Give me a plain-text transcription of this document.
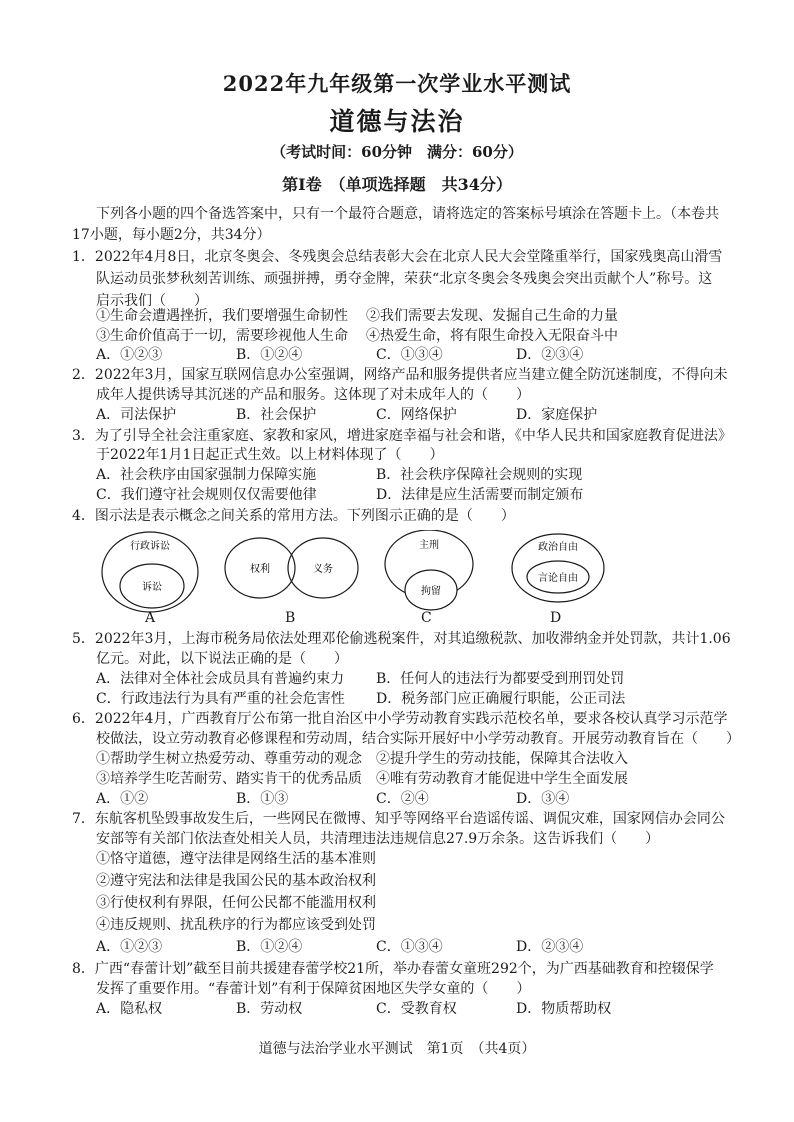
2022年九年级第一次学业水平测试
道德与法治
（考试时间：60分钟　满分：60分）
第Ⅰ卷　（单项选择题　共34分）
下列各小题的四个备选答案中，只有一个最符合题意，请将选定的答案标号填涂在答题卡上。（本卷共
17小题，每小题2分，共34分）
1．2022年4月8日，北京冬奥会、冬残奥会总结表彰大会在北京人民大会堂隆重举行，国家残奥高山滑雪
队运动员张梦秋刻苦训练、顽强拼搏，勇夺金牌，荣获“北京冬奥会冬残奥会突出贡献个人”称号。这
启示我们（　　）
①生命会遭遇挫折，我们要增强生命韧性 ②我们需要去发现、发掘自己生命的力量
③生命价值高于一切，需要珍视他人生命 ④热爱生命，将有限生命投入无限奋斗中
A．①②③	B．①②④	C．①③④	D．②③④
2．2022年3月，国家互联网信息办公室强调，网络产品和服务提供者应当建立健全防沉迷制度，不得向未
成年人提供诱导其沉迷的产品和服务。这体现了对未成年人的（　　）
A．司法保护	B．社会保护	C．网络保护	D．家庭保护
3．为了引导全社会注重家庭、家教和家风，增进家庭幸福与社会和谐，《中华人民共和国家庭教育促进法》
于2022年1月1日起正式生效。以上材料体现了（　　）
A．社会秩序由国家强制力保障实施	B．社会秩序保障社会规则的实现
C．我们遵守社会规则仅仅需要他律	D．法律是应生活需要而制定颁布
4．图示法是表示概念之间关系的常用方法。下列图示正确的是（　　）
行政诉讼
诉讼
权利	义务
主刑
拘留
政治自由
言论自由
A	B	C	D
5．2022年3月，上海市税务局依法处理邓伦偷逃税案件，对其追缴税款、加收滞纳金并处罚款，共计1.06
亿元。对此，以下说法正确的是（　　）
A．法律对全体社会成员具有普遍约束力 B．任何人的违法行为都要受到刑罚处罚
C．行政违法行为具有严重的社会危害性 D．税务部门应正确履行职能，公正司法
6．2022年4月，广西教育厅公布第一批自治区中小学劳动教育实践示范校名单，要求各校认真学习示范学
校做法，设立劳动教育必修课程和劳动周，结合实际开展好中小学劳动教育。开展劳动教育旨在（　　）
①帮助学生树立热爱劳动、尊重劳动的观念 ②提升学生的劳动技能，保障其合法收入
③培养学生吃苦耐劳、踏实肯干的优秀品质 ④唯有劳动教育才能促进中学生全面发展
A．①②	B．①③	C．②④	D．③④
7．东航客机坠毁事故发生后，一些网民在微博、知乎等网络平台造谣传谣、调侃灾难，国家网信办会同公
安部等有关部门依法查处相关人员，共清理违法违规信息27.9万余条。这告诉我们（　　）
①恪守道德，遵守法律是网络生活的基本准则
②遵守宪法和法律是我国公民的基本政治权利
③行使权利有界限，任何公民都不能滥用权利
④违反规则、扰乱秩序的行为都应该受到处罚
A．①②③	B．①②④	C．①③④	D．②③④
8．广西“春蕾计划”截至目前共援建春蕾学校21所，举办春蕾女童班292个，为广西基础教育和控辍保学
发挥了重要作用。“春蕾计划”有利于保障贫困地区失学女童的（　　）
A．隐私权	B．劳动权	C．受教育权	D．物质帮助权
道德与法治学业水平测试　第1页　（共4页）
